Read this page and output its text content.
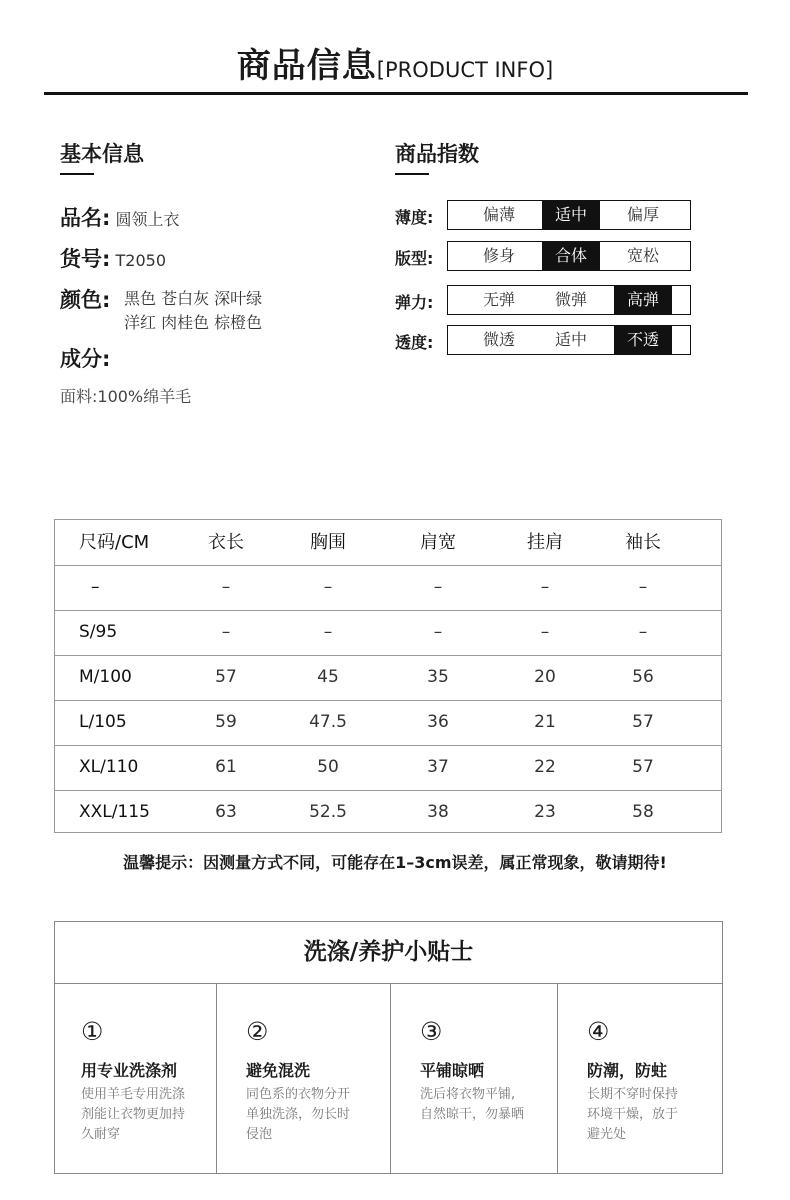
商品信息[PRODUCT INFO]
基本信息
品名: 圆领上衣
货号: T2050
颜色: 黑色 苍白灰 深叶绿
洋红 肉桂色 棕橙色
成分:
面料:100%绵羊毛
商品指数
薄度:	偏薄	适中	偏厚
版型:	修身	合体	宽松
弹力:	无弹	微弹	高弹
透度:	微透	适中	不透
尺码/CM	衣长	胸围	肩宽	挂肩	袖长
–	–	–	–	–	–
S/95	–	–	–	–	–
M/100	57	45	35	20	56
L/105	59	47.5	36	21	57
XL/110	61	50	37	22	57
XXL/115	63	52.5	38	23	58
温馨提示：因测量方式不同，可能存在1–3cm误差，属正常现象，敬请期待!
洗涤/养护小贴士
①
用专业洗涤剂
使用羊毛专用洗涤
剂能让衣物更加持
久耐穿
②
避免混洗
同色系的衣物分开
单独洗涤，勿长时
侵泡
③
平铺晾晒
洗后将衣物平铺,
自然晾干，勿暴晒
④
防潮，防蛀
长期不穿时保持
环境干燥，放于
避光处
